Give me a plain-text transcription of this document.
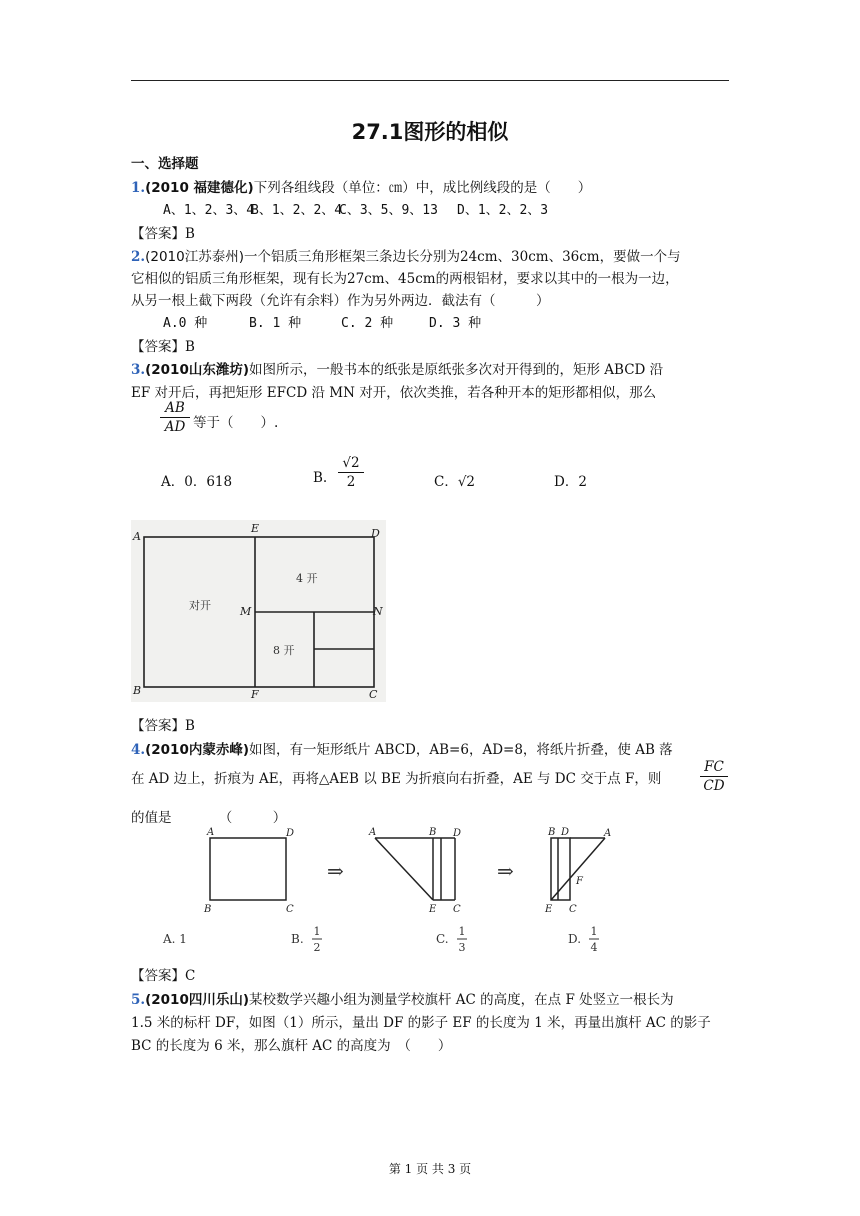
27.1图形的相似
一、选择题
1.(2010 福建德化)下列各组线段（单位：㎝）中，成比例线段的是（　　）
A、1、2、3、4B、1、2、2、4C、3、5、9、13 D、1、2、2、3
【答案】B
2.(2010江苏泰州)一个铝质三角形框架三条边长分别为24cm、30cm、36cm，要做一个与
它相似的铝质三角形框架，现有长为27cm、45cm的两根铝材，要求以其中的一根为一边，
从另一根上截下两段（允许有余料）作为另外两边．截法有（　　　）
A.0 种	B. 1 种	C. 2 种	D. 3 种
【答案】B
3.(2010山东潍坊)如图所示，一般书本的纸张是原纸张多次对开得到的，矩形 ABCD 沿
EF 对开后，再把矩形 EFCD 沿 MN 对开，依次类推，若各种开本的矩形都相似，那么
$\frac{AB}{AD}$ 等于（　　）.
A．0．618	B. $\frac{√2}{2}$	C．√2	D．2
A
B	C
D
E
F
M	N
对开
4 开
8 开
【答案】B
4.(2010内蒙赤峰)如图，有一矩形纸片 ABCD，AB=6，AD=8，将纸片折叠，使 AB 落
在 AD 边上，折痕为 AE，再将△AEB 以 BE 为折痕向右折叠，AE 与 DC 交于点 F，则	$\frac{FC}{CD}$
的值是　　　　（　　　）
⇒	⇒
A	D
B	C
A	B D
E C
B D	A
F
E C
A. 1	B.	C.	D.
1
2
1
3
1
4
【答案】C
5.(2010四川乐山)某校数学兴趣小组为测量学校旗杆 AC 的高度，在点 F 处竖立一根长为
1.5 米的标杆 DF，如图（1）所示，量出 DF 的影子 EF 的长度为 1 米，再量出旗杆 AC 的影子
BC 的长度为 6 米，那么旗杆 AC 的高度为　（　　）
第 1 页 共 3 页
